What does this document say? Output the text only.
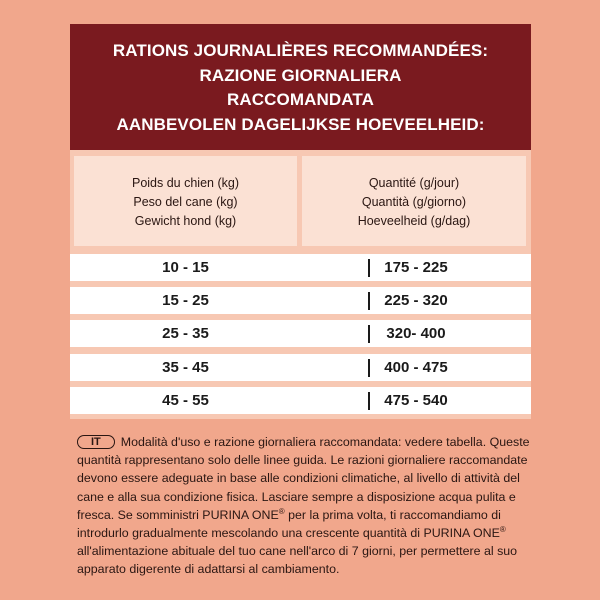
RATIONS JOURNALIÈRES RECOMMANDÉES:
RAZIONE GIORNALIERA
RACCOMANDATA
AANBEVOLEN DAGELIJKSE HOEVEELHEID:
Poids du chien (kg)
Peso del cane (kg)
Gewicht hond (kg)
Quantité (g/jour)
Quantità (g/giorno)
Hoeveelheid (g/dag)
10 - 15	175 - 225
15 - 25	225 - 320
25 - 35	320- 400
35 - 45	400 - 475
45 - 55	475 - 540
IT Modalità d'uso e razione giornaliera raccomandata: vedere tabella. Queste
quantità rappresentano solo delle linee guida. Le razioni giornaliere raccomandate
devono essere adeguate in base alle condizioni climatiche, al livello di attività del
cane e alla sua condizione fisica. Lasciare sempre a disposizione acqua pulita e
fresca. Se somministri PURINA ONE® per la prima volta, ti raccomandiamo di
introdurlo gradualmente mescolando una crescente quantità di PURINA ONE®
all'alimentazione abituale del tuo cane nell'arco di 7 giorni, per permettere al suo
apparato digerente di adattarsi al cambiamento.
